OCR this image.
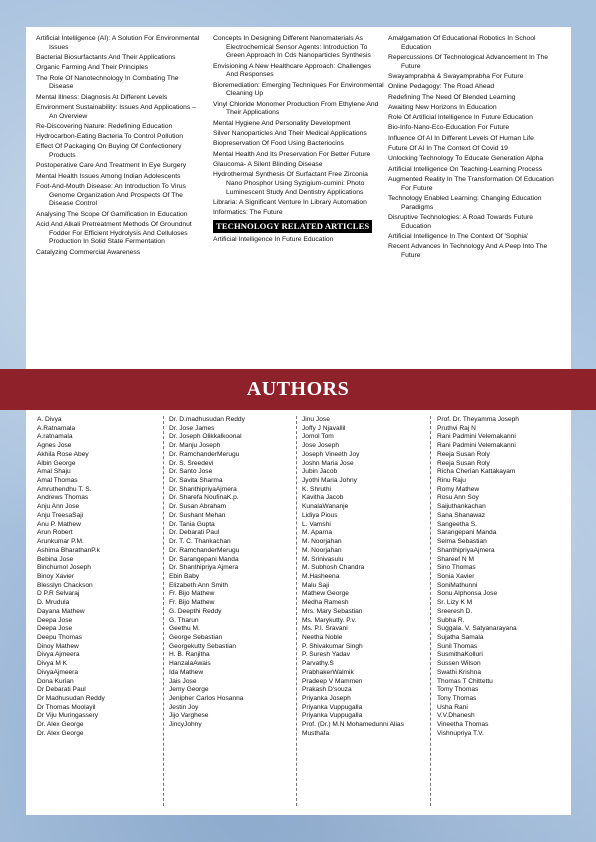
Artificial Intelligence (AI): A Solution For Environmental Issues
Bacterial Biosurfactants And Their Applications
Organic Farming And Their Principles
The Role Of Nanotechnology In Combating The Disease
Mental Illness: Diagnosis At Different Levels
Environment Sustainability: Issues And Applications – An Overview
Re-Discovering Nature: Redefining Education
Hydrocarbon-Eating Bacteria To Control Pollution
Effect Of Packaging On Buying Of Confectionery Products
Postoperative Care And Treatment In Eye Surgery
Mental Health Issues Among Indian Adolescents
Foot-And-Mouth Disease: An Introduction To Virus Genome Organization And Prospects Of The Disease Control
Analysing The Scope Of Gamification In Education
Acid And Alkali Pretreatment Methods Of Groundnut Fodder For Efficient Hydrolysis And Celluloses Production In Solid State Fermentation
Catalyzing Commercial Awareness
Concepts In Designing Different Nanomaterials As Electrochemical Sensor Agents: Introduction To Green Approach In Cds Nanoparticles Synthesis
Envisioning A New Healthcare Approach: Challenges And Responses
Bioremediation: Emerging Techniques For Environmental Cleaning Up
Vinyl Chloride Monomer Production From Ethylene And Their Applications
Mental Hygiene And Personality Development
Silver Nanoparticles And Their Medical Applications
Biopreservation Of Food Using Bacteriocins
Mental Health And Its Preservation For Better Future
Glaucoma- A Silent Blinding Disease
Hydrothermal Synthesis Of Surfactant Free Zirconia Nano Phosphor Using Syzigium-cumini: Photo Luminescent Study And Dentistry Applications
Libraria: A Significant Venture In Library Automation
Informatics: The Future
TECHNOLOGY RELATED ARTICLES
Artificial Intelligence In Future Education
Amalgamation Of Educational Robotics In School Education
Repercussions Of Technological Advancement In The Future
Swayamprabha & Swayamprabha For Future
Online Pedagogy: The Road Ahead
Redefining The Need Of Blended Learning
Awaiting New Horizons In Education
Role Of Artificial Intelligence In Future Education
Bio-Info-Nano-Eco-Education For Future
Influence Of AI In Different Levels Of Human Life
Future Of AI In The Context Of Covid 19
Unlocking Technology To Educate Generation Alpha
Artificial Intelligence On Teaching-Learning Process
Augmented Reality In The Transformation Of Education For Future
Technology Enabled Learning: Changing Education Paradigms
Disruptive Technologies: A Road Towards Future Education
Artificial Intelligence In The Context Of 'Sophia'
Recent Advances In Technology And A Peep Into The Future
AUTHORS
A. Divya
A.Ratnamala
A.ratnamala
Agnes Jose
Akhila Rose Abey
Albin George
Amal Shaju
Amal Thomas
Amruthendhu T. S.
Andrews Thomas
Anju Ann Jose
Anju TreesaSaji
Anu P. Mathew
Arun Robert
Arunkumar P.M.
Ashima BharathanP.k
Bebina Jose
Binchumol Joseph
Binoy Xavier
Blesslyn Chackson
D P.R Selvaraj
D. Mrudula
Dayana Mathew
Deepa Jose
Deepa Jose
Deepu Thomas
Dinoy Mathew
Divya Ajmeera
Divya M K
DivyaAjmeera
Dona Kurian
Dr Debarati Paul
Dr Madhusudan Reddy
Dr Thomas Moolayil
Dr Viju Muringassery
Dr. Alex George
Dr. Alex George
Dr. D.madhusudan Reddy
Dr. Jose James
Dr. Joseph Olikkalkoonal
Dr. Manju Joseph
Dr. RamchanderMerugu
Dr. S. Sreedevi
Dr. Santo Jose
Dr. Savita Sharma
Dr. ShanthipriyaAjmera
Dr. Sharefa NoufinaK.p.
Dr. Susan Abraham
Dr. Sushant Mehan
Dr. Tania Gupta
Dr. Debarati Paul
Dr. T. C. Thankachan
Dr. RamchanderMerugu
Dr. Sarangepani Manda
Dr. Shanthipriya Ajmera
Ebin Baby
Elizabeth Ann Smith
Fr. Bijo Mathew
Fr. Bijo Mathew
G. Deepthi Reddy
G. Tharun
Geethu M.
George Sebastian
Georgekutty Sebastian
H. B. Ranjitha
HanzalaAwais
Ida Mathew
Jais Jose
Jemy George
Jenipher Carlos Hosanna
Jestin Joy
Jijo Varghese
JincyJohny
Jinu Jose
Joffy J Njavallil
Jomol Tom
Jose Joseph
Joseph Vineeth Joy
Joshn Maria Jose
Jubin Jacob
Jyothi Maria Johny
K. Shruthi
Kavitha Jacob
KunalaWananje
Lidiya Pious
L. Vamshi
M. Aparna
M. Noorjahan
M. Noorjahan
M. Srinivasulu
M. Subhosh Chandra
M.Hasheena
Malu Saji
Mathew George
Medha Ramesh
Mrs. Mary Sebastian
Ms. Marykutty. P.v.
Ms. P.I. Sravani
Neetha Noble
P. Shivakumar Singh
P. Suresh Yadav
Parvathy.S
PrabhakerWalmik
Pradeep V Mammen
Prakash D'souza
Priyanka Joseph
Priyanka Vuppugalla
Priyanka Vuppugalla
Prof. (Dr.) M.N Mohamedunni Alias
Musthafa
Prof. Dr. Theyamma Joseph
Pruthvi Raj N
Rani Padmini Velemakanni
Rani Padmini Velemakanni
Reeja Susan Roly
Reeja Susan Roly
Richa Cherian Kattakayam
Rinu Raju
Romy Mathew
Rosu Ann Soy
Saijuthankachan
Sana Shanawaz
Sangeetha S.
Sarangepani Manda
Selma Sebastian
ShanthipriyaAjmera
Shareef N M
Sino Thomas
Sonia Xavier
SoniMathunni
Sonu Alphonsa Jose
Sr. Lizy K M
Sreeresh D.
Subha R.
Suggala. V. Satyanarayana
Sujatha Samala
Sunil Thomas
SusmithaKolluri
Sussen Wilson
Swathi Krishna
Thomas T Chittettu
Tomy Thomas
Tony Thomas
Usha Rani
V.V.Dhanesh
Vineetha Thomas
Vishnupriya T.V.
